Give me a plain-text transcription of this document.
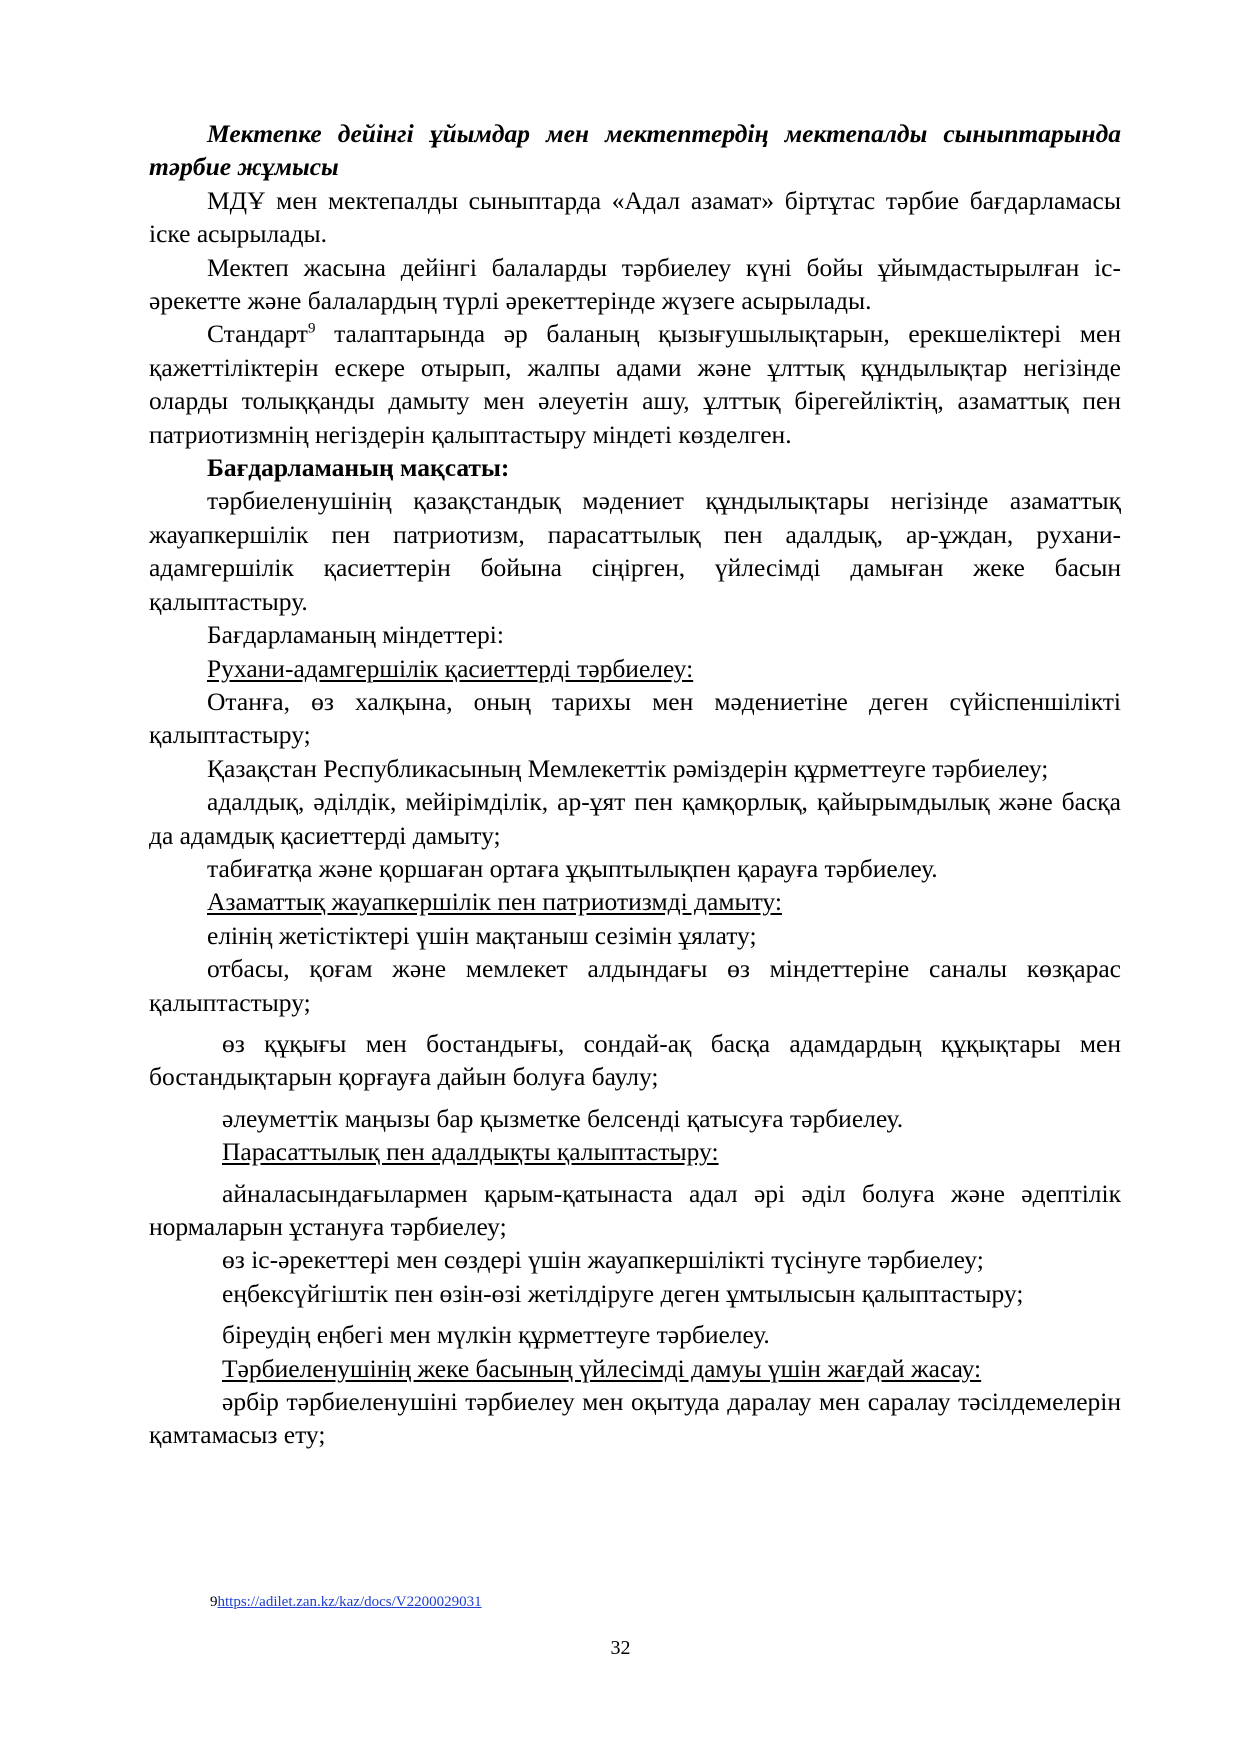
Мектепке дейінгі ұйымдар мен мектептердің мектепалды сыныптарында тәрбие жұмысы

МДҰ мен мектепалды сыныптарда «Адал азамат» біртұтас тәрбие бағдарламасы іске асырылады.

Мектеп жасына дейінгі балаларды тәрбиелеу күні бойы ұйымдастырылған іс-әрекетте және балалардың түрлі әрекеттерінде жүзеге асырылады.

Стандарт$^9$ талаптарында әр баланың қызығушылықтарын, ерекшеліктері мен қажеттіліктерін ескере отырып, жалпы адами және ұлттық құндылықтар негізінде оларды толыққанды дамыту мен әлеуетін ашу, ұлттық бірегейліктің, азаматтық пен патриотизмнің негіздерін қалыптастыру міндеті көзделген.

Бағдарламаның мақсаты:

тәрбиеленушінің қазақстандық мәдениет құндылықтары негізінде азаматтық жауапкершілік пен патриотизм, парасаттылық пен адалдық, ар-ұждан, рухани- адамгершілік қасиеттерін бойына сіңірген, үйлесімді дамыған жеке басын қалыптастыру.

Бағдарламаның міндеттері:

Рухани-адамгершілік қасиеттерді тәрбиелеу:

Отанға, өз халқына, оның тарихы мен мәдениетіне деген сүйіспеншілікті қалыптастыру;

Қазақстан Республикасының Мемлекеттік рәміздерін құрметтеуге тәрбиелеу;

адалдық, әділдік, мейірімділік, ар-ұят пен қамқорлық, қайырымдылық және басқа да адамдық қасиеттерді дамыту;

табиғатқа және қоршаған ортаға ұқыптылықпен қарауға тәрбиелеу.

Азаматтық жауапкершілік пен патриотизмді дамыту:

елінің жетістіктері үшін мақтаныш сезімін ұялату;

отбасы, қоғам және мемлекет алдындағы өз міндеттеріне саналы көзқарас қалыптастыру;

өз құқығы мен бостандығы, сондай-ақ басқа адамдардың құқықтары мен бостандықтарын қорғауға дайын болуға баулу;

әлеуметтік маңызы бар қызметке белсенді қатысуға тәрбиелеу.

Парасаттылық пен адалдықты қалыптастыру:

айналасындағылармен қарым-қатынаста адал әрі әділ болуға және әдептілік нормаларын ұстануға тәрбиелеу;

өз іс-әрекеттері мен сөздері үшін жауапкершілікті түсінуге тәрбиелеу;

еңбексүйгіштік пен өзін-өзі жетілдіруге деген ұмтылысын қалыптастыру;

біреудің еңбегі мен мүлкін құрметтеуге тәрбиелеу.

Тәрбиеленушінің жеке басының үйлесімді дамуы үшін жағдай жасау:

әрбір тәрбиеленушіні тәрбиелеу мен оқытуда даралау мен саралау тәсілдемелерін қамтамасыз ету;

9https://adilet.zan.kz/kaz/docs/V2200029031
32
